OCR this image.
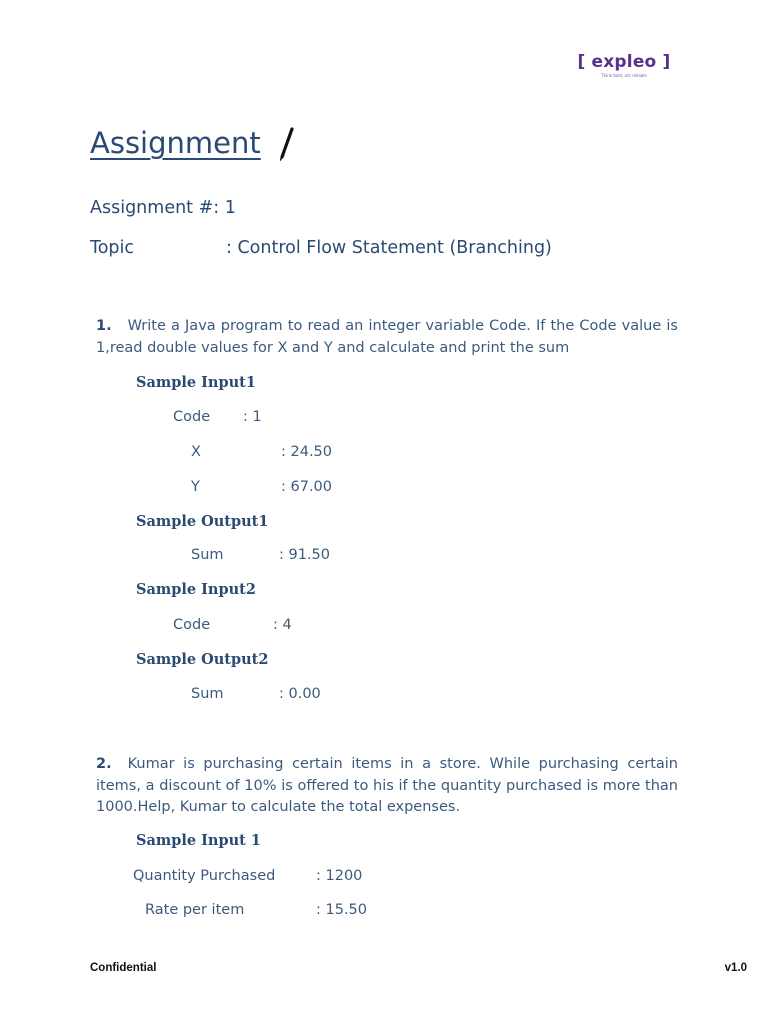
[ expleo ]
Think bold, act reliable
Assignment
Assignment #: 1
Topic	: Control Flow Statement (Branching)
1. Write a Java program to read an integer variable Code. If the Code value is 1,read double values for X and Y and calculate and print the sum
Sample Input1
Code : 1
X	: 24.50
Y	: 67.00
Sample Output1
Sum	: 91.50
Sample Input2
Code	: 4
Sample Output2
Sum	: 0.00
2. Kumar is purchasing certain items in a store. While purchasing certain items, a discount of 10% is offered to his if the quantity purchased is more than 1000.Help, Kumar to calculate the total expenses.
Sample Input 1
Quantity Purchased	: 1200
Rate per item	: 15.50
Confidential	v1.0
